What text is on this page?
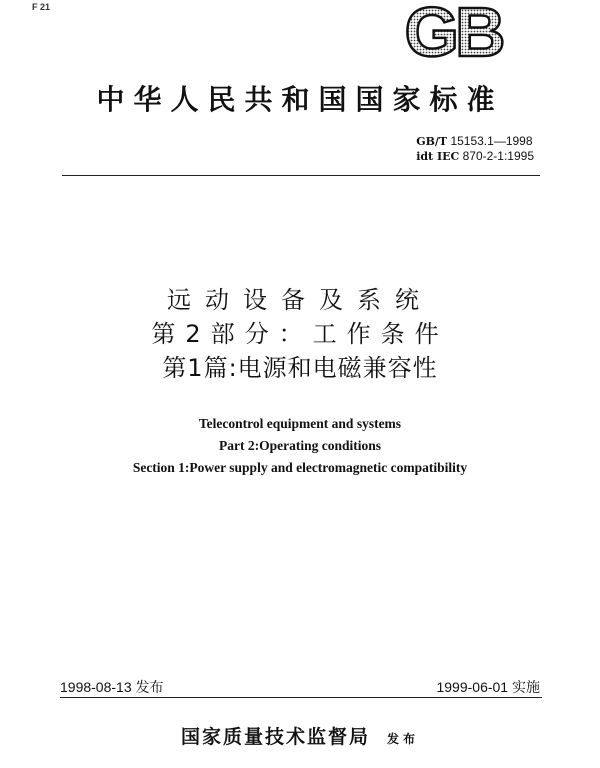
F 21	GB
中华人民共和国国家标准
GB/T 15153.1—1998
idt IEC 870-2-1:1995
远动设备及系统
第2部分：工作条件
第1篇:电源和电磁兼容性
Telecontrol equipment and systems
Part 2:Operating conditions
Section 1:Power supply and electromagnetic compatibility
1998-08-13 发布	1999-06-01 实施
国家质量技术监督局 发布
